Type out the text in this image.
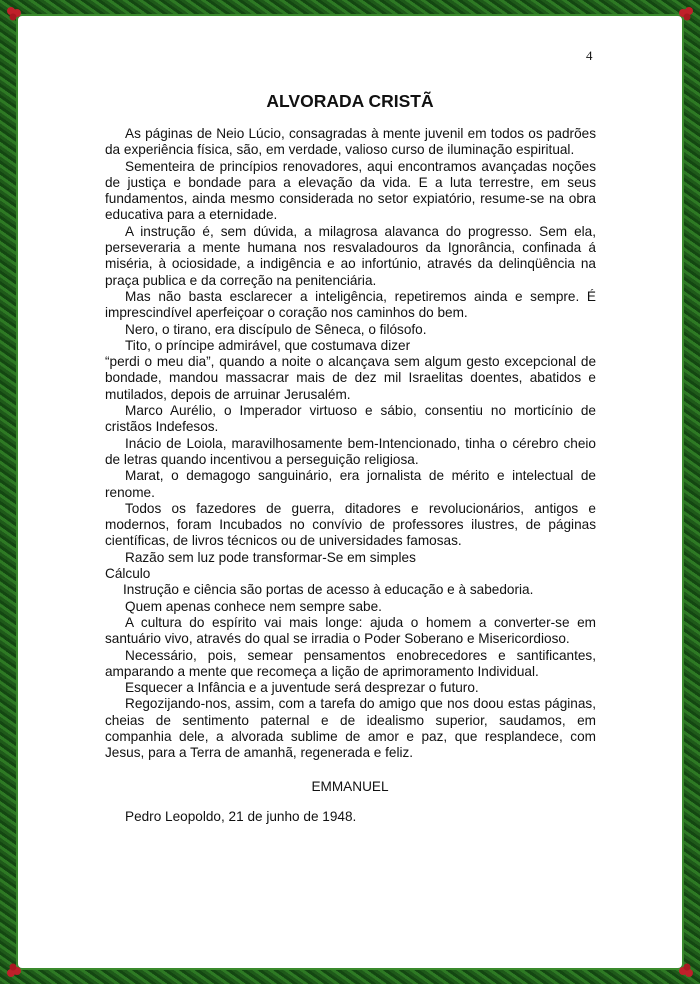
4
ALVORADA CRISTÃ

As páginas de Neio Lúcio, consagradas à mente juvenil em todos os padrões da experiência física, são, em verdade, valioso curso de iluminação espiritual.

Sementeira de princípios renovadores, aqui encontramos avançadas noções de justiça e bondade para a elevação da vida. E a luta terrestre, em seus fundamentos, ainda mesmo considerada no setor expiatório, resume-se na obra educativa para a eternidade.

A instrução é, sem dúvida, a milagrosa alavanca do progresso. Sem ela, perseveraria a mente humana nos resvaladouros da Ignorância, confinada á miséria, à ociosidade, a indigência e ao infortúnio, através da delinqüência na praça publica e da correção na penitenciária.

Mas não basta esclarecer a inteligência, repetiremos ainda e sempre. É imprescindível aperfeiçoar o coração nos caminhos do bem.

Nero, o tirano, era discípulo de Sêneca, o filósofo.

Tito, o príncipe admirável, que costumava dizer

“perdi o meu dia”, quando a noite o alcançava sem algum gesto excepcional de bondade, mandou massacrar mais de dez mil Israelitas doentes, abatidos e mutilados, depois de arruinar Jerusalém.

Marco Aurélio, o Imperador virtuoso e sábio, consentiu no morticínio de cristãos Indefesos.

Inácio de Loiola, maravilhosamente bem-Intencionado, tinha o cérebro cheio de letras quando incentivou a perseguição religiosa.

Marat, o demagogo sanguinário, era jornalista de mérito e intelectual de renome.

Todos os fazedores de guerra, ditadores e revolucionários, antigos e modernos, foram Incubados no convívio de professores ilustres, de páginas científicas, de livros técnicos ou de universidades famosas.

Razão sem luz pode transformar-Se em simples

Cálculo

Instrução e ciência são portas de acesso à educação e à sabedoria.

Quem apenas conhece nem sempre sabe.

A cultura do espírito vai mais longe: ajuda o homem a converter-se em santuário vivo, através do qual se irradia o Poder Soberano e Misericordioso.

Necessário, pois, semear pensamentos enobrecedores e santificantes, amparando a mente que recomeça a lição de aprimoramento Individual.

Esquecer a Infância e a juventude será desprezar o futuro.

Regozijando-nos, assim, com a tarefa do amigo que nos doou estas páginas, cheias de sentimento paternal e de idealismo superior, saudamos, em companhia dele, a alvorada sublime de amor e paz, que resplandece, com Jesus, para a Terra de amanhã, regenerada e feliz.

EMMANUEL
Pedro Leopoldo, 21 de junho de 1948.
